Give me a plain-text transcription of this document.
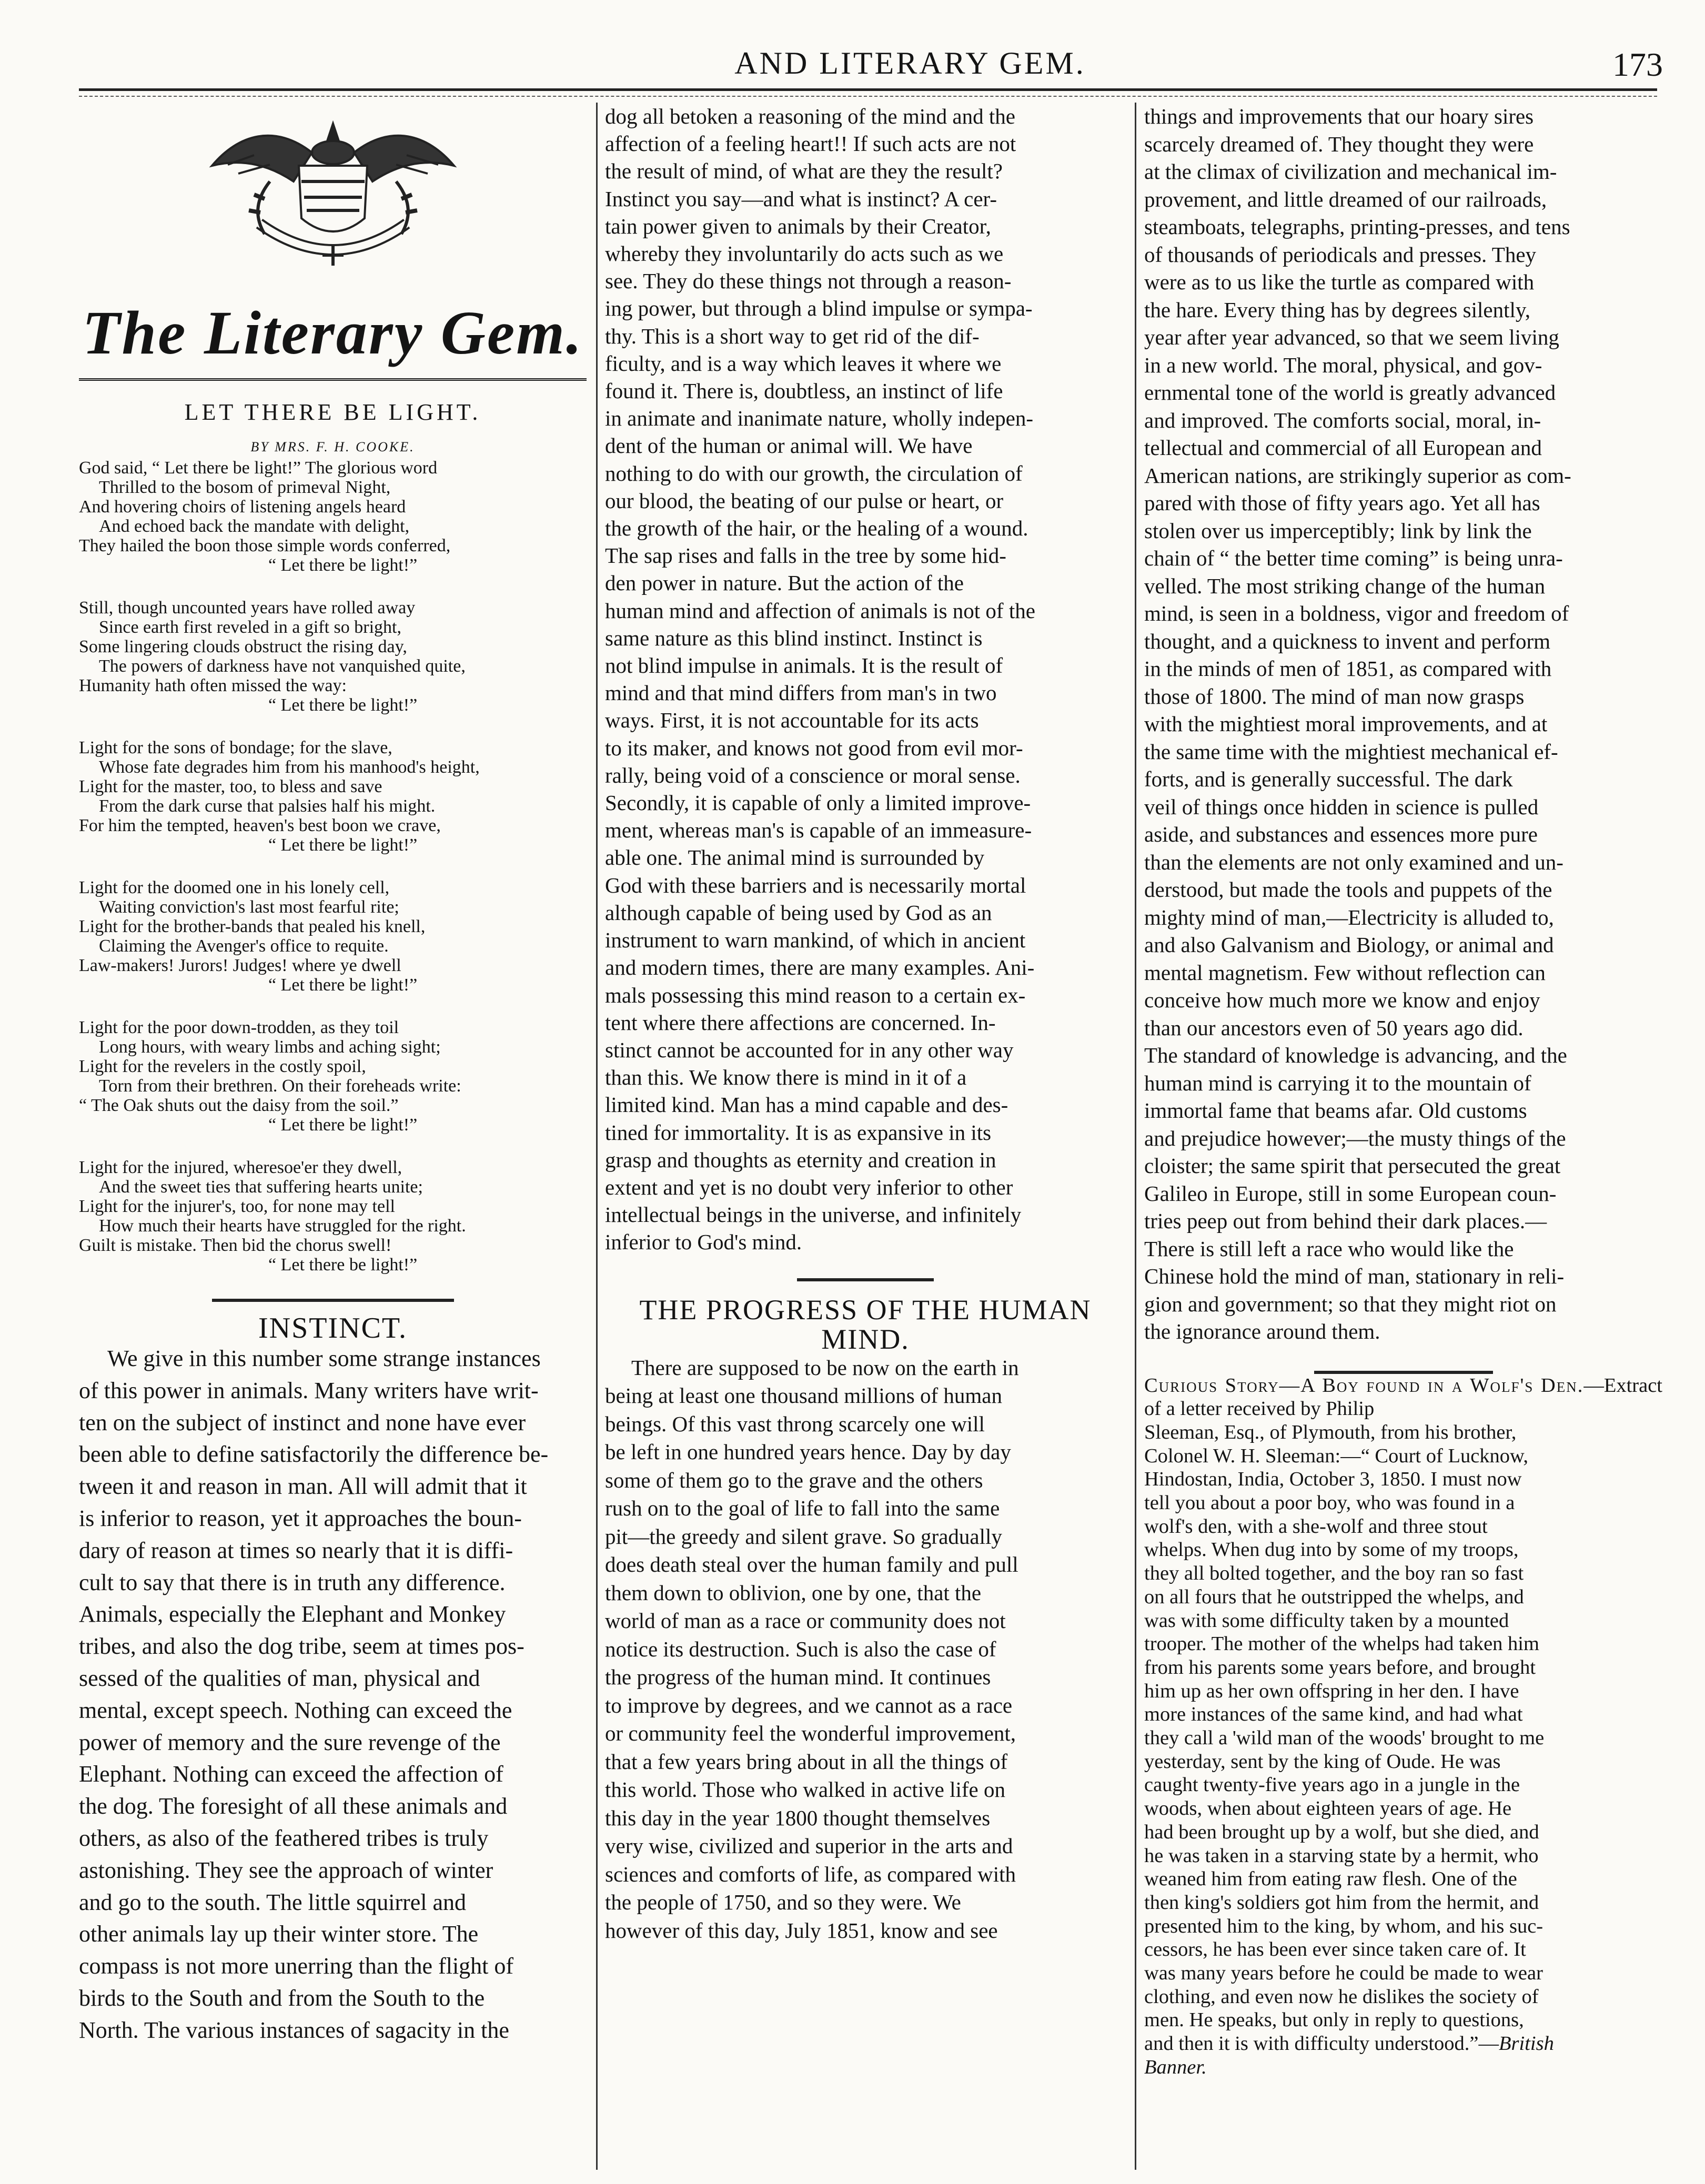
AND LITERARY GEM.	173
The Literary Gem.
LET THERE BE LIGHT.
BY MRS. F. H. COOKE.
God said, “ Let there be light!” The glorious word
Thrilled to the bosom of primeval Night,
And hovering choirs of listening angels heard
And echoed back the mandate with delight,
They hailed the boon those simple words conferred,
“ Let there be light!”
Still, though uncounted years have rolled away
Since earth first reveled in a gift so bright,
Some lingering clouds obstruct the rising day,
The powers of darkness have not vanquished quite,
Humanity hath often missed the way:
“ Let there be light!”
Light for the sons of bondage; for the slave,
Whose fate degrades him from his manhood's height,
Light for the master, too, to bless and save
From the dark curse that palsies half his might.
For him the tempted, heaven's best boon we crave,
“ Let there be light!”
Light for the doomed one in his lonely cell,
Waiting conviction's last most fearful rite;
Light for the brother-bands that pealed his knell,
Claiming the Avenger's office to requite.
Law-makers! Jurors! Judges! where ye dwell
“ Let there be light!”
Light for the poor down-trodden, as they toil
Long hours, with weary limbs and aching sight;
Light for the revelers in the costly spoil,
Torn from their brethren. On their foreheads write:
“ The Oak shuts out the daisy from the soil.”
“ Let there be light!”
Light for the injured, wheresoe'er they dwell,
And the sweet ties that suffering hearts unite;
Light for the injurer's, too, for none may tell
How much their hearts have struggled for the right.
Guilt is mistake. Then bid the chorus swell!
“ Let there be light!”
INSTINCT.

We give in this number some strange instances
of this power in animals. Many writers have writ-
ten on the subject of instinct and none have ever
been able to define satisfactorily the difference be-
tween it and reason in man. All will admit that it
is inferior to reason, yet it approaches the boun-
dary of reason at times so nearly that it is diffi-
cult to say that there is in truth any difference.
Animals, especially the Elephant and Monkey
tribes, and also the dog tribe, seem at times pos-
sessed of the qualities of man, physical and
mental, except speech. Nothing can exceed the
power of memory and the sure revenge of the
Elephant. Nothing can exceed the affection of
the dog. The foresight of all these animals and
others, as also of the feathered tribes is truly
astonishing. They see the approach of winter
and go to the south. The little squirrel and
other animals lay up their winter store. The
compass is not more unerring than the flight of
birds to the South and from the South to the
North. The various instances of sagacity in the

dog all betoken a reasoning of the mind and the
affection of a feeling heart!! If such acts are not
the result of mind, of what are they the result?
Instinct you say—and what is instinct? A cer-
tain power given to animals by their Creator,
whereby they involuntarily do acts such as we
see. They do these things not through a reason-
ing power, but through a blind impulse or sympa-
thy. This is a short way to get rid of the dif-
ficulty, and is a way which leaves it where we
found it. There is, doubtless, an instinct of life
in animate and inanimate nature, wholly indepen-
dent of the human or animal will. We have
nothing to do with our growth, the circulation of
our blood, the beating of our pulse or heart, or
the growth of the hair, or the healing of a wound.
The sap rises and falls in the tree by some hid-
den power in nature. But the action of the
human mind and affection of animals is not of the
same nature as this blind instinct. Instinct is
not blind impulse in animals. It is the result of
mind and that mind differs from man's in two
ways. First, it is not accountable for its acts
to its maker, and knows not good from evil mor-
rally, being void of a conscience or moral sense.
Secondly, it is capable of only a limited improve-
ment, whereas man's is capable of an immeasure-
able one. The animal mind is surrounded by
God with these barriers and is necessarily mortal
although capable of being used by God as an
instrument to warn mankind, of which in ancient
and modern times, there are many examples. Ani-
mals possessing this mind reason to a certain ex-
tent where there affections are concerned. In-
stinct cannot be accounted for in any other way
than this. We know there is mind in it of a
limited kind. Man has a mind capable and des-
tined for immortality. It is as expansive in its
grasp and thoughts as eternity and creation in
extent and yet is no doubt very inferior to other
intellectual beings in the universe, and infinitely
inferior to God's mind.

THE PROGRESS OF THE HUMAN
MIND.

There are supposed to be now on the earth in
being at least one thousand millions of human
beings. Of this vast throng scarcely one will
be left in one hundred years hence. Day by day
some of them go to the grave and the others
rush on to the goal of life to fall into the same
pit—the greedy and silent grave. So gradually
does death steal over the human family and pull
them down to oblivion, one by one, that the
world of man as a race or community does not
notice its destruction. Such is also the case of
the progress of the human mind. It continues
to improve by degrees, and we cannot as a race
or community feel the wonderful improvement,
that a few years bring about in all the things of
this world. Those who walked in active life on
this day in the year 1800 thought themselves
very wise, civilized and superior in the arts and
sciences and comforts of life, as compared with
the people of 1750, and so they were. We
however of this day, July 1851, know and see

things and improvements that our hoary sires
scarcely dreamed of. They thought they were
at the climax of civilization and mechanical im-
provement, and little dreamed of our railroads,
steamboats, telegraphs, printing-presses, and tens
of thousands of periodicals and presses. They
were as to us like the turtle as compared with
the hare. Every thing has by degrees silently,
year after year advanced, so that we seem living
in a new world. The moral, physical, and gov-
ernmental tone of the world is greatly advanced
and improved. The comforts social, moral, in-
tellectual and commercial of all European and
American nations, are strikingly superior as com-
pared with those of fifty years ago. Yet all has
stolen over us imperceptibly; link by link the
chain of “ the better time coming” is being unra-
velled. The most striking change of the human
mind, is seen in a boldness, vigor and freedom of
thought, and a quickness to invent and perform
in the minds of men of 1851, as compared with
those of 1800. The mind of man now grasps
with the mightiest moral improvements, and at
the same time with the mightiest mechanical ef-
forts, and is generally successful. The dark
veil of things once hidden in science is pulled
aside, and substances and essences more pure
than the elements are not only examined and un-
derstood, but made the tools and puppets of the
mighty mind of man,—Electricity is alluded to,
and also Galvanism and Biology, or animal and
mental magnetism. Few without reflection can
conceive how much more we know and enjoy
than our ancestors even of 50 years ago did.
The standard of knowledge is advancing, and the
human mind is carrying it to the mountain of
immortal fame that beams afar. Old customs
and prejudice however;—the musty things of the
cloister; the same spirit that persecuted the great
Galileo in Europe, still in some European coun-
tries peep out from behind their dark places.—
There is still left a race who would like the
Chinese hold the mind of man, stationary in reli-
gion and government; so that they might riot on
the ignorance around them.

Curious Story—A Boy found in a Wolf's Den.—Extract of a letter received by Philip
Sleeman, Esq., of Plymouth, from his brother,
Colonel W. H. Sleeman:—“ Court of Lucknow,
Hindostan, India, October 3, 1850. I must now
tell you about a poor boy, who was found in a
wolf's den, with a she-wolf and three stout
whelps. When dug into by some of my troops,
they all bolted together, and the boy ran so fast
on all fours that he outstripped the whelps, and
was with some difficulty taken by a mounted
trooper. The mother of the whelps had taken him
from his parents some years before, and brought
him up as her own offspring in her den. I have
more instances of the same kind, and had what
they call a 'wild man of the woods' brought to me
yesterday, sent by the king of Oude. He was
caught twenty-five years ago in a jungle in the
woods, when about eighteen years of age. He
had been brought up by a wolf, but she died, and
he was taken in a starving state by a hermit, who
weaned him from eating raw flesh. One of the
then king's soldiers got him from the hermit, and
presented him to the king, by whom, and his suc-
cessors, he has been ever since taken care of. It
was many years before he could be made to wear
clothing, and even now he dislikes the society of
men. He speaks, but only in reply to questions,
and then it is with difficulty understood.”—British
Banner.
